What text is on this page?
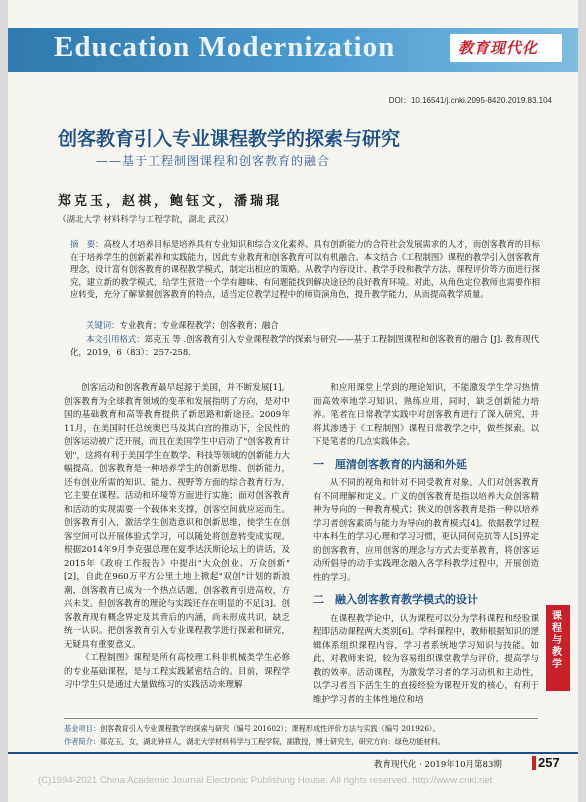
Education Modernization	教育现代化
DOI：10.16541/j.cnki.2095-8420.2019.83.104
创客教育引入专业课程教学的探索与研究
——基于工程制图课程和创客教育的融合
郑克玉，赵祺，鲍钰文，潘瑞琨
（湖北大学 材料科学与工程学院，湖北 武汉）
摘　要：高校人才培养目标是培养具有专业知识和综合文化素养、具有创新能力的合符社会发展需求的人才，而创客教育的目标在于培养学生的创新素养和实践能力，因此专业教育和创客教育可以有机融合。本文结合《工程制图》课程的教学引入创客教育理念，设计富有创客教育的课程教学模式，制定出相应的策略。从教学内容设计、教学手段和教学方法、课程评价等方面进行探究，建立新的教学模式，给学生营造一个学有趣味、有问题能找到解决途径的良好教育环境。对此，从角色定位教师也需要作相应转变，充分了解掌握创客教育的特点，适当定位教学过程中的师资演角色，提升教学能力，从而提高教学质量。
关键词：专业教育；专业课程教学；创客教育；融合
本文引用格式：郑克玉 等 .创客教育引入专业课程教学的探索与研究——基于工程制图课程和创客教育的融合 [J]. 教育现代化，2019，6（83）：257-258.

创客运动和创客教育最早起源于美国，并不断发展[1]。创客教育为全球教育领域的变革和发展指明了方向，是对中国的基础教育和高等教育提供了新思路和新途径。2009年11月，在美国时任总统奥巴马及其白宫的推动下，全民性的创客运动被广泛开展，而且在美国学生中启动了"创客教育计划"，这将有利于美国学生在数学、科技等领域的创新能力大幅提高。创客教育是一种培养学生的创新思维、创新能力，还有创业所需的知识、能力、视野等方面的综合教育行为，它主要在课程、活动和环境等方面进行实施；面对创客教育和活动的实现需要一个载体来支撑，创客空间就应运而生。创客教育引入，激活学生创造意识和创新思维，使学生在创客空间可以开展体验式学习，可以随处将创意转变成实现。根据2014年9月李克强总理在夏季达沃斯论坛上的讲话，及2015年《政府工作报告》中提出"大众创业、万众创新"[2]，自此在960万平方公里土地上掀起"双创"计划的新浪潮，创客教育已成为一个热点话题，创客教育引进高校，方兴未艾。但创客教育的理论与实践还存在明显的不足[3]。创客教育现有概念界定及其背后的内涵，尚未形成共识，缺乏统一认识。把创客教育引入专业课程教学进行探索和研究，无疑具有重要意义。

《工程制图》课程是所有高校理工科非机械类学生必修的专业基础课程，是与工程实践紧密结合的。目前，课程学习中学生只是通过大量做练习的实践活动来理解

和应用课堂上学到的理论知识，不能激发学生学习热情而高效率地学习知识、熟练应用，同时，缺乏创新能力培养。笔者在日常教学实践中对创客教育进行了深入研究，并将其渗透于《工程制图》课程日常教学之中，做些探索。以下是笔者的几点实践体会。

一　厘清创客教育的内涵和外延

从不同的视角和针对不同受教育对象，人们对创客教育有不同理解和定义。广义的创客教育是指以培养大众创客精神为导向的一种教育模式；狭义的创客教育是指一种以培养学习者创客素质与能力为导向的教育模式[4]。依据教学过程中本科生的学习心理和学习习惯，更认同何克抗等人[5]界定的创客教育，应用创客的理念与方式去变革教育，将创客运动所倡导的动手实践理念融入各学科教学过程中，开展创造性的学习。

二　融入创客教育教学模式的设计

在课程教学论中，认为课程可以分为学科课程和经验课程即活动课程两大类别[6]。学科课程中，教师根据知识的逻辑体系组织课程内容，学习者系统地学习知识与技能。如此，对教师来说，较为容易组织课堂教学与评价，提高学与教的效率。活动课程，为激发学习者的学习动机和主动性，以学习者当下活生生的直接经验为课程开发的核心，有利于维护学习者的主体性地位和培

课程与教学
基金项目：创客教育引入专业课程教学的探索与研究（编号 201602）；课程形成性评价方法与实践（编号 201926）。
作者简介：郑克玉，女，湖北钟祥人，湖北大学材料科学与工程学院，副教授，博士研究生，研究方向：绿色功能材料。
教育现代化 · 2019年10月第83期	257
(C)1994-2021 China Academic Journal Electronic Publishing House. All rights reserved. http://www.cnki.net
